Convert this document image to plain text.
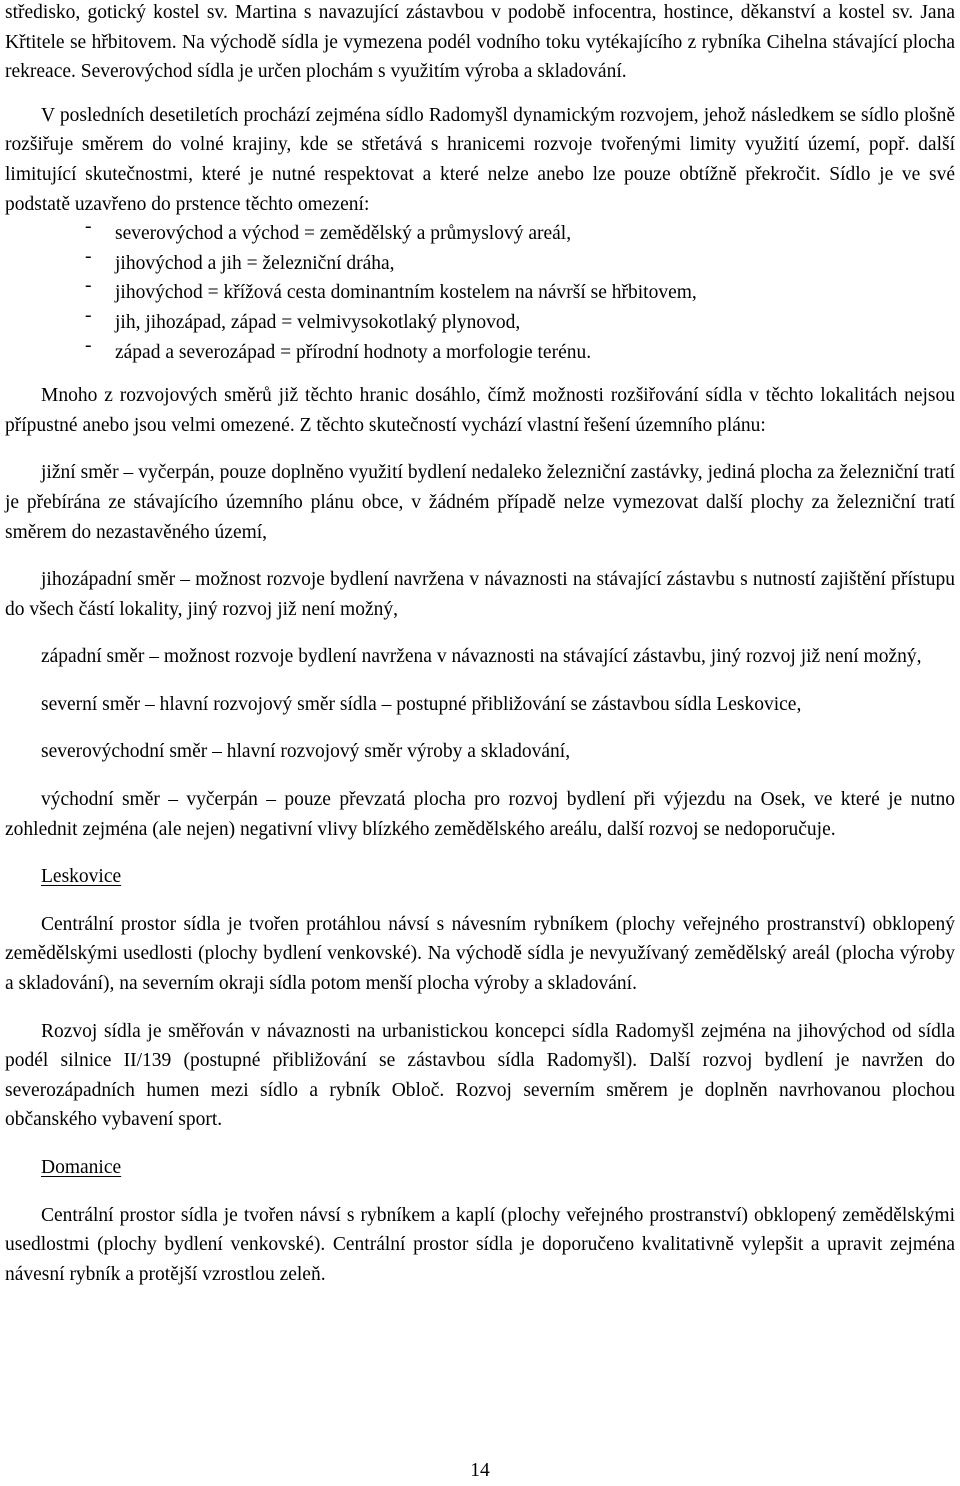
středisko, gotický kostel sv. Martina s navazující zástavbou v podobě infocentra, hostince, děkanství a kostel sv. Jana Křtitele se hřbitovem. Na východě sídla je vymezena podél vodního toku vytékajícího z rybníka Cihelna stávající plocha rekreace. Severovýchod sídla je určen plochám s využitím výroba a skladování.

V posledních desetiletích prochází zejména sídlo Radomyšl dynamickým rozvojem, jehož následkem se sídlo plošně rozšiřuje směrem do volné krajiny, kde se střetává s hranicemi rozvoje tvořenými limity využití území, popř. další limitující skutečnostmi, které je nutné respektovat a které nelze anebo lze pouze obtížně překročit. Sídlo je ve své podstatě uzavřeno do prstence těchto omezení:

- severovýchod a východ = zemědělský a průmyslový areál,
- jihovýchod a jih = železniční dráha,
- jihovýchod = křížová cesta dominantním kostelem na návrší se hřbitovem,
- jih, jihozápad, západ = velmivysokotlaký plynovod,
- západ a severozápad = přírodní hodnoty a morfologie terénu.

Mnoho z rozvojových směrů již těchto hranic dosáhlo, čímž možnosti rozšiřování sídla v těchto lokalitách nejsou přípustné anebo jsou velmi omezené. Z těchto skutečností vychází vlastní řešení územního plánu:

jižní směr – vyčerpán, pouze doplněno využití bydlení nedaleko železniční zastávky, jediná plocha za železniční tratí je přebírána ze stávajícího územního plánu obce, v žádném případě nelze vymezovat další plochy za železniční tratí směrem do nezastavěného území,

jihozápadní směr – možnost rozvoje bydlení navržena v návaznosti na stávající zástavbu s nutností zajištění přístupu do všech částí lokality, jiný rozvoj již není možný,

západní směr – možnost rozvoje bydlení navržena v návaznosti na stávající zástavbu, jiný rozvoj již není možný,

severní směr – hlavní rozvojový směr sídla – postupné přibližování se zástavbou sídla Leskovice,

severovýchodní směr – hlavní rozvojový směr výroby a skladování,

východní směr – vyčerpán – pouze převzatá plocha pro rozvoj bydlení při výjezdu na Osek, ve které je nutno zohlednit zejména (ale nejen) negativní vlivy blízkého zemědělského areálu, další rozvoj se nedoporučuje.

Leskovice

Centrální prostor sídla je tvořen protáhlou návsí s návesním rybníkem (plochy veřejného prostranství) obklopený zemědělskými usedlosti (plochy bydlení venkovské). Na východě sídla je nevyužívaný zemědělský areál (plocha výroby a skladování), na severním okraji sídla potom menší plocha výroby a skladování.

Rozvoj sídla je směřován v návaznosti na urbanistickou koncepci sídla Radomyšl zejména na jihovýchod od sídla podél silnice II/139 (postupné přibližování se zástavbou sídla Radomyšl). Další rozvoj bydlení je navržen do severozápadních humen mezi sídlo a rybník Obloč. Rozvoj severním směrem je doplněn navrhovanou plochou občanského vybavení sport.

Domanice

Centrální prostor sídla je tvořen návsí s rybníkem a kaplí (plochy veřejného prostranství) obklopený zemědělskými usedlostmi (plochy bydlení venkovské). Centrální prostor sídla je doporučeno kvalitativně vylepšit a upravit zejména návesní rybník a protější vzrostlou zeleň.

14
